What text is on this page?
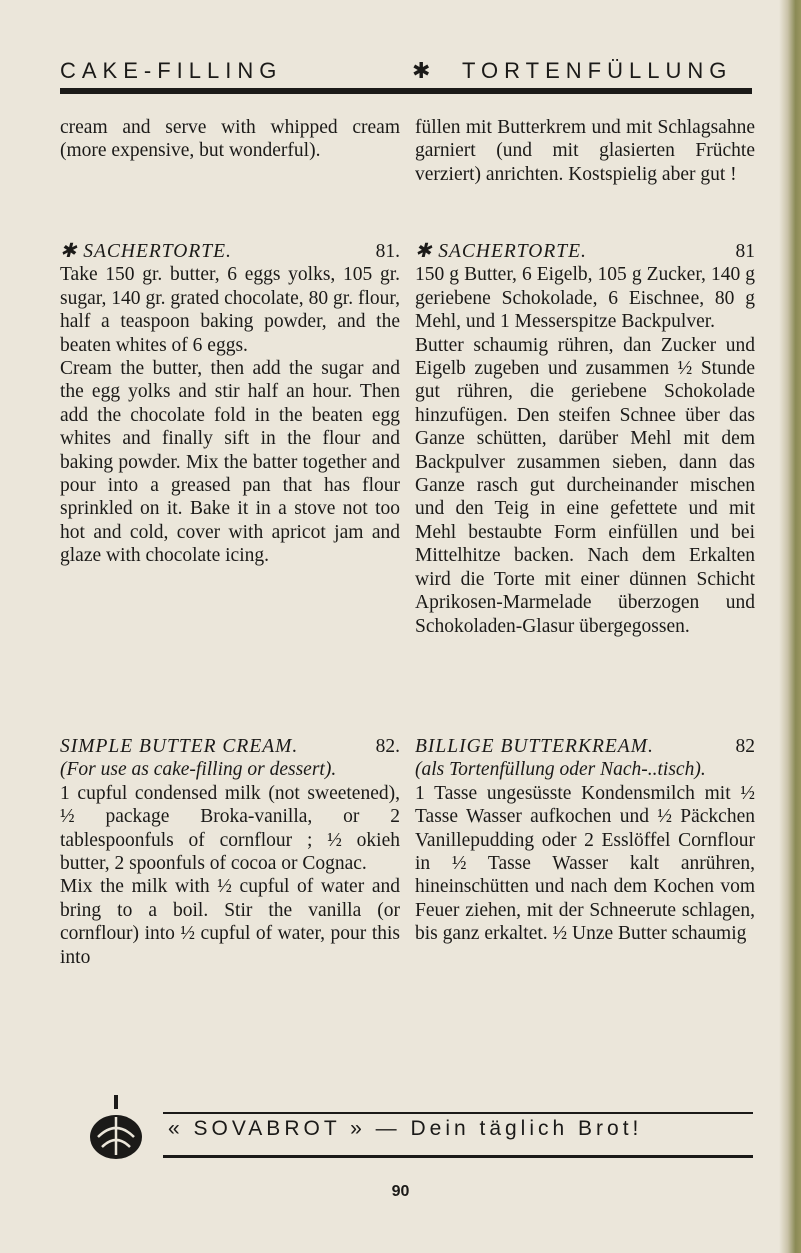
CAKE-FILLING	✱ TORTENFÜLLUNG

cream and serve with whipped cream (more expensive, but wonderful).

✱ SACHERTORTE.	81.

Take 150 gr. butter, 6 eggs yolks, 105 gr. sugar, 140 gr. grated chocolate, 80 gr. flour, half a teaspoon baking powder, and the beaten whites of 6 eggs.

Cream the butter, then add the sugar and the egg yolks and stir half an hour. Then add the chocolate fold in the beaten egg whites and finally sift in the flour and baking powder. Mix the batter together and pour into a greased pan that has flour sprinkled on it. Bake it in a stove not too hot and cold, cover with apricot jam and glaze with chocolate icing.

SIMPLE BUTTER CREAM.	82.

(For use as cake-filling or dessert).

1 cupful condensed milk (not sweetened), ½ package Broka-vanilla, or 2 tablespoonfuls of cornflour ; ½ okieh butter, 2 spoonfuls of cocoa or Cognac.

Mix the milk with ½ cupful of water and bring to a boil. Stir the vanilla (or cornflour) into ½ cupful of water, pour this into

füllen mit Butterkrem und mit Schlagsahne garniert (und mit glasierten Früchte verziert) anrichten. Kostspielig aber gut !

✱ SACHERTORTE.	81

150 g Butter, 6 Eigelb, 105 g Zucker, 140 g geriebene Schokolade, 6 Eischnee, 80 g Mehl, und 1 Messerspitze Backpulver.

Butter schaumig rühren, dan Zucker und Eigelb zugeben und zusammen ½ Stunde gut rühren, die geriebene Schokolade hinzufügen. Den steifen Schnee über das Ganze schütten, darüber Mehl mit dem Backpulver zusammen sieben, dann das Ganze rasch gut durcheinander mischen und den Teig in eine gefettete und mit Mehl bestaubte Form einfüllen und bei Mittelhitze backen. Nach dem Erkalten wird die Torte mit einer dünnen Schicht Aprikosen-Marmelade überzogen und Schokoladen-Glasur übergegossen.

BILLIGE BUTTERKREAM.	82

(als Tortenfüllung oder Nach-..tisch).

1 Tasse ungesüsste Kondensmilch mit ½ Tasse Wasser aufkochen und ½ Päckchen Vanillepudding oder 2 Esslöffel Cornflour in ½ Tasse Wasser kalt anrühren, hineinschütten und nach dem Kochen vom Feuer ziehen, mit der Schneerute schlagen, bis ganz erkaltet. ½ Unze Butter schaumig

« SOVABROT » — Dein täglich Brot!
90
